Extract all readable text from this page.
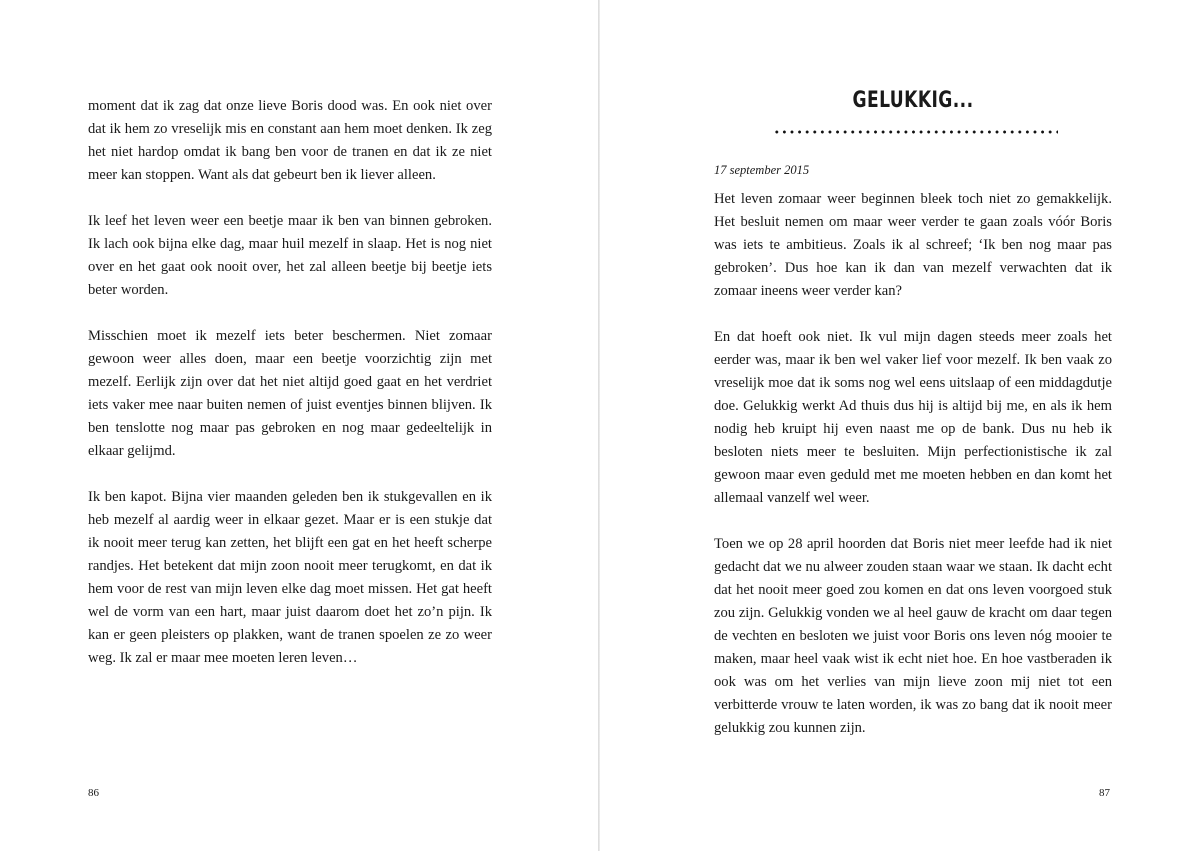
moment dat ik zag dat onze lieve Boris dood was. En ook niet over dat ik hem zo vreselijk mis en constant aan hem moet denken. Ik zeg het niet hardop omdat ik bang ben voor de tranen en dat ik ze niet meer kan stoppen. Want als dat gebeurt ben ik liever alleen.

Ik leef het leven weer een beetje maar ik ben van binnen gebroken. Ik lach ook bijna elke dag, maar huil mezelf in slaap. Het is nog niet over en het gaat ook nooit over, het zal alleen beetje bij beetje iets beter worden.

Misschien moet ik mezelf iets beter beschermen. Niet zomaar gewoon weer alles doen, maar een beetje voorzichtig zijn met mezelf. Eerlijk zijn over dat het niet altijd goed gaat en het verdriet iets vaker mee naar buiten nemen of juist eventjes binnen blijven. Ik ben tenslotte nog maar pas gebroken en nog maar gedeeltelijk in elkaar gelijmd.

Ik ben kapot. Bijna vier maanden geleden ben ik stukgevallen en ik heb mezelf al aardig weer in elkaar gezet. Maar er is een stukje dat ik nooit meer terug kan zetten, het blijft een gat en het heeft scherpe randjes. Het betekent dat mijn zoon nooit meer terugkomt, en dat ik hem voor de rest van mijn leven elke dag moet missen. Het gat heeft wel de vorm van een hart, maar juist daarom doet het zo’n pijn. Ik kan er geen pleisters op plakken, want de tranen spoelen ze zo weer weg. Ik zal er maar mee moeten leren leven…

86
GELUKKIG...

17 september 2015

Het leven zomaar weer beginnen bleek toch niet zo gemakkelijk. Het besluit nemen om maar weer verder te gaan zoals vóór Boris was iets te ambitieus. Zoals ik al schreef; ‘Ik ben nog maar pas gebroken’. Dus hoe kan ik dan van mezelf verwachten dat ik zomaar ineens weer verder kan?

En dat hoeft ook niet. Ik vul mijn dagen steeds meer zoals het eerder was, maar ik ben wel vaker lief voor mezelf. Ik ben vaak zo vreselijk moe dat ik soms nog wel eens uitslaap of een middagdutje doe. Gelukkig werkt Ad thuis dus hij is altijd bij me, en als ik hem nodig heb kruipt hij even naast me op de bank. Dus nu heb ik besloten niets meer te besluiten. Mijn perfectionistische ik zal gewoon maar even geduld met me moeten hebben en dan komt het allemaal vanzelf wel weer.

Toen we op 28 april hoorden dat Boris niet meer leefde had ik niet gedacht dat we nu alweer zouden staan waar we staan. Ik dacht echt dat het nooit meer goed zou komen en dat ons leven voorgoed stuk zou zijn. Gelukkig vonden we al heel gauw de kracht om daar tegen de vechten en besloten we juist voor Boris ons leven nóg mooier te maken, maar heel vaak wist ik echt niet hoe. En hoe vastberaden ik ook was om het verlies van mijn lieve zoon mij niet tot een verbitterde vrouw te laten worden, ik was zo bang dat ik nooit meer gelukkig zou kunnen zijn.

87
